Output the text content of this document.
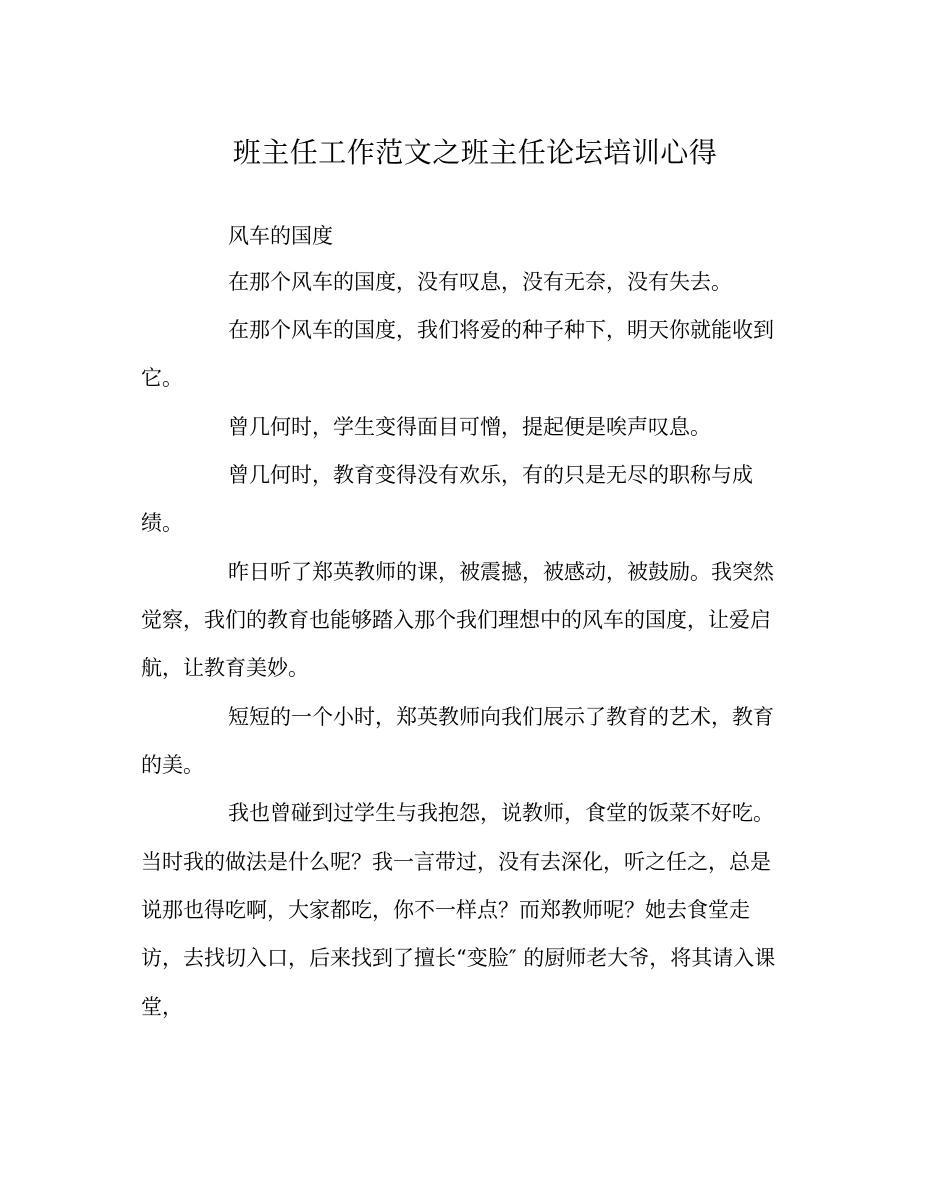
班主任工作范文之班主任论坛培训心得
风车的国度
在那个风车的国度，没有叹息，没有无奈，没有失去。
在那个风车的国度，我们将爱的种子种下，明天你就能收到
它。
曾几何时，学生变得面目可憎，提起便是唉声叹息。
曾几何时，教育变得没有欢乐，有的只是无尽的职称与成
绩。
昨日听了郑英教师的课，被震撼，被感动，被鼓励。我突然
觉察，我们的教育也能够踏入那个我们理想中的风车的国度，让爱启
航，让教育美妙。
短短的一个小时，郑英教师向我们展示了教育的艺术，教育
的美。
我也曾碰到过学生与我抱怨，说教师，食堂的饭菜不好吃。
当时我的做法是什么呢？我一言带过，没有去深化，听之任之，总是
说那也得吃啊，大家都吃，你不一样点？而郑教师呢？她去食堂走
访，去找切入口，后来找到了擅长“变脸″ 的厨师老大爷，将其请入课
堂，
